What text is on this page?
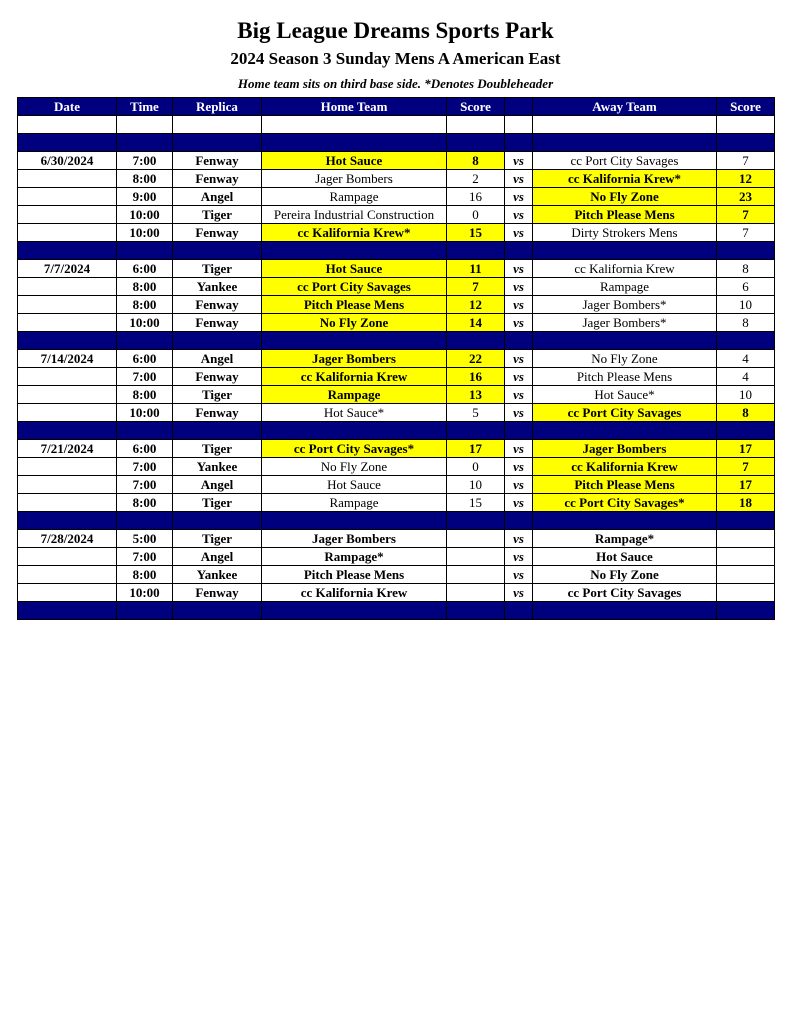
Big League Dreams Sports Park
2024 Season 3 Sunday Mens A American East
Home team sits on third base side. *Denotes Doubleheader
Date	Time	Replica	Home Team	Score		Away Team	Score

6/30/2024	7:00	Fenway	Hot Sauce	8	vs	cc Port City Savages	7
	8:00	Fenway	Jager Bombers	2	vs	cc Kalifornia Krew*	12
	9:00	Angel	Rampage	16	vs	No Fly Zone	23
	10:00	Tiger	Pereira Industrial Construction	0	vs	Pitch Please Mens	7
	10:00	Fenway	cc Kalifornia Krew*	15	vs	Dirty Strokers Mens	7

7/7/2024	6:00	Tiger	Hot Sauce	11	vs	cc Kalifornia Krew	8
	8:00	Yankee	cc Port City Savages	7	vs	Rampage	6
	8:00	Fenway	Pitch Please Mens	12	vs	Jager Bombers*	10
	10:00	Fenway	No Fly Zone	14	vs	Jager Bombers*	8

7/14/2024	6:00	Angel	Jager Bombers	22	vs	No Fly Zone	4
	7:00	Fenway	cc Kalifornia Krew	16	vs	Pitch Please Mens	4
	8:00	Tiger	Rampage	13	vs	Hot Sauce*	10
	10:00	Fenway	Hot Sauce*	5	vs	cc Port City Savages	8

7/21/2024	6:00	Tiger	cc Port City Savages*	17	vs	Jager Bombers	17
	7:00	Yankee	No Fly Zone	0	vs	cc Kalifornia Krew	7
	7:00	Angel	Hot Sauce	10	vs	Pitch Please Mens	17
	8:00	Tiger	Rampage	15	vs	cc Port City Savages*	18

7/28/2024	5:00	Tiger	Jager Bombers		vs	Rampage*	
	7:00	Angel	Rampage*		vs	Hot Sauce	
	8:00	Yankee	Pitch Please Mens		vs	No Fly Zone	
	10:00	Fenway	cc Kalifornia Krew		vs	cc Port City Savages	
